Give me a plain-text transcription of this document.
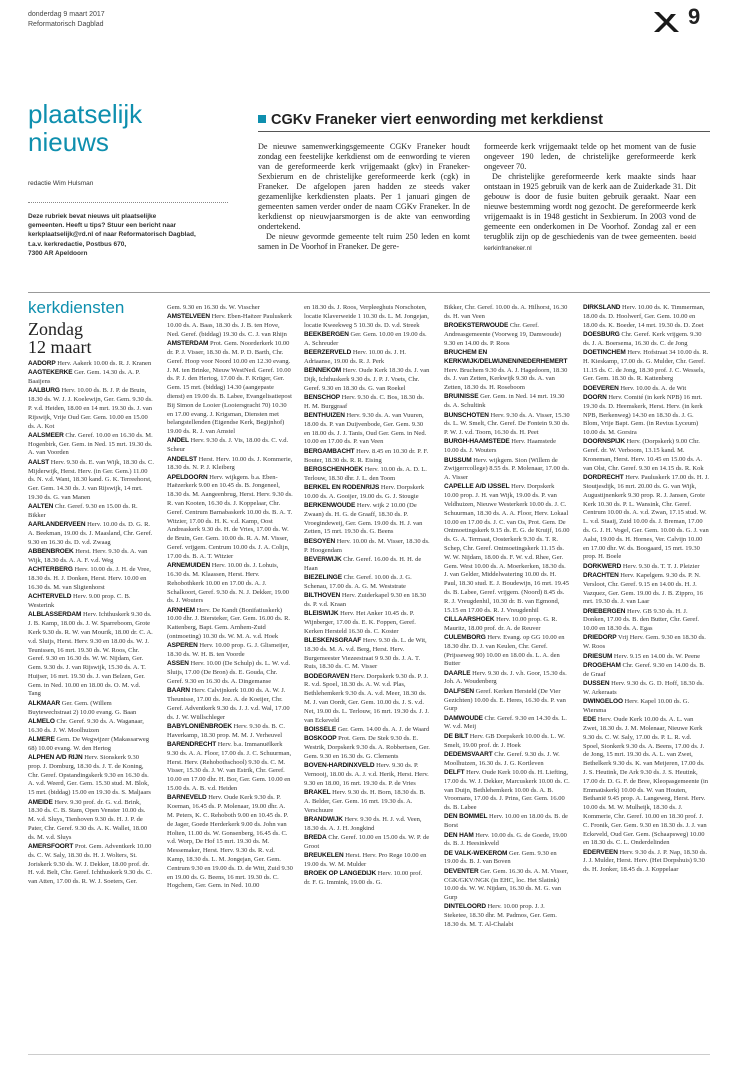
donderdag 9 maart 2017
Reformatorisch Dagblad	9
plaatselijk
nieuws
redactie Wim Hulsman
Deze rubriek bevat nieuws uit plaatselijke
gemeenten. Heeft u tips? Stuur een bericht naar
kerkplaatselijk@rd.nl of naar Reformatorisch Dagblad,
t.a.v. kerkredactie, Postbus 670,
7300 AR Apeldoorn
CGKv Franeker viert eenwording met kerkdienst

De nieuwe samenwerkingsgemeente CGKv Franeker houdt zondag een feestelijke kerkdienst om de eenwording te vieren van de gereformeerde kerk vrijgemaakt (gkv) in Franeker-Sexbierum en de christelijke gereformeerde kerk (cgk) in Franeker. De afgelopen jaren hadden ze steeds vaker gezamenlijke kerkdiensten plaats. Per 1 januari gingen de gemeenten samen verder onder de naam CGKv Franeker. In de kerkdienst op nieuwjaarsmorgen is de akte van eenwording ondertekend.

De nieuw gevormde gemeente telt ruim 250 leden en komt samen in De Voorhof in Franeker. De gere-

formeerde kerk vrijgemaakt telde op het moment van de fusie ongeveer 190 leden, de christelijke gereformeerde kerk ongeveer 70.

De christelijke gereformeerde kerk maakte sinds haar ontstaan in 1925 gebruik van de kerk aan de Zuiderkade 31. Dit gebouw is door de fusie buiten gebruik geraakt. Naar een nieuwe bestemming wordt nog gezocht. De gereformeerde kerk vrijgemaakt is in 1948 gesticht in Sexbierum. In 2003 vond de gemeente een onderkomen in De Voorhof. Zondag zal er een terugblik zijn op de geschiedenis van de twee gemeenten. beeld kerkinfraneker.nl

kerkdiensten
Zondag
12 maart
AADORP Herv. Aakerk 10.00 ds. R. J. Kranen
AAGTEKERKE Ger. Gem. 14.30 ds. A. P. Baaijens
AALBURG Herv. 10.00 ds. B. J. P. de Bruin, 18.30 ds. W. J. J. Koelewijn, Ger. Gem. 9.30 ds. P. v.d. Heiden, 18.00 en 14 mrt. 19.30 ds. J. van Rijswijk, Vrije Oud Ger. Gem. 10.00 en 15.00 ds. A. Kot
AALSMEER Chr. Geref. 10.00 en 16.30 ds. M. Hogenbirk, Ger. Gem. in Ned. 15 mrt. 19.30 ds. A. van Voorden
AALST Herv. 9.30 ds. E. van Wijk, 18.30 ds. C. Mijderwijk, Herst. Herv. (in Ger. Gem.) 11.00 ds. N. v.d. Want, 18.30 kand. G. K. Terreehorst, Ger. Gem. 14.30 ds. J. van Rijswijk, 14 mrt. 19.30 ds. G. van Manen
AALTEN Chr. Geref. 9.30 en 15.00 ds. R. Bikker
AARLANDERVEEN Herv. 10.00 ds. D. G. R. A. Beekman, 19.00 ds. J. Maasland, Chr. Geref. 9.30 en 16.30 ds. D. v.d. Zwaag
ABBENBROEK Herst. Herv. 9.30 ds. A. van Wijk, 18.30 ds. A. A. F. v.d. Weg
ACHTERBERG Herv. 10.00 ds. J. H. de Vree, 18.30 ds. H. J. Donken, Herst. Herv. 10.00 en 16.30 ds. M. van Sligtenhorst
ACHTERVELD Herv. 9.00 prop. C. B. Westerink
ALBLASSERDAM Herv. Ichthuskerk 9.30 ds. J. B. Kamp, 18.00 ds. J. W. Sparreboom, Grote Kerk 9.30 ds. R. W. van Mourik, 18.00 dr. C. A. v.d. Sluijs, Herst. Herv. 9.30 en 18.00 ds. W. J. Teunissen, 16 mrt. 19.30 ds. W. Roos, Chr. Geref. 9.30 en 16.30 ds. W. W. Nijdam, Ger. Gem. 9.30 ds. J. van Rijswijk, 15.30 ds. A. T. Huijser, 16 mrt. 19.30 ds. J. van Belzen, Ger. Gem. in Ned. 10.00 en 18.00 ds. O. M. v.d. Tang
ALKMAAR Ger. Gem. (Willem Buytewechstraat 2) 10.00 evang. G. Baan
ALMELO Chr. Geref. 9.30 ds. A. Waganaar, 16.30 ds. J. W. Moolhuizen
ALMERE Gem. De Wegwijzer (Makassarweg 68) 10.00 evang. W. den Hertog
ALPHEN A/D RIJN Herv. Sionskerk 9.30 prop. J. Domburg, 18.30 ds. J. T. de Koning, Chr. Geref. Opstandingskerk 9.30 en 16.30 ds. A. v.d. Weerd, Ger. Gem. 15.30 stud. M. Blok, 15 mrt. (biddag) 15.00 en 19.30 ds. S. Maljaars
AMEIDE Herv. 9.30 prof. dr. G. v.d. Brink, 18.30 ds. C. B. Stam, Open Venster 10.00 ds. M. v.d. Sluys, Tienhoven 9.30 ds. H. J. P. de Pater, Chr. Geref. 9.30 ds. A. K. Wallet, 18.00 ds. M. v.d. Sluys
AMERSFOORT Prot. Gem. Adventkerk 10.00 ds. C. W. Saly, 18.30 ds. H. J. Wolters, St. Joriskerk 9.30 ds. W. J. Dekker, 18.00 prof. dr. H. v.d. Belt, Chr. Geref. Ichthuskerk 9.30 ds. C. van Atten, 17.00 ds. R. W. J. Soeters, Ger.
Gem. 9.30 en 16.30 ds. W. Visscher
AMSTELVEEN Herv. Eben-Haëzer Pauluskerk 10.00 ds. A. Baas, 18.30 ds. J. B. ten Hove, Ned. Geref. (biddag) 19.30 ds. C. J. van Rhijn
AMSTERDAM Prot. Gem. Noorderkerk 10.00 dr. P. J. Visser, 18.30 ds. M. P. D. Barth, Chr. Geref. Hoop voor Noord 10.00 en 12.30 evang. J. M. ten Brinke, Nieuw WestNed. Geref. 10.00 ds. P. J. den Hertog, 17.00 ds. F. Krüger, Ger. Gem. 15 mrt. (biddag) 14.30 (aangepaste dienst) en 19.00 ds. B. Labee, Evangelisatiepost Bij Simon de Looier (Looiersgracht 70) 10.30 en 17.00 evang. J. Krigsman, Diensten met belangstellenden (Eigendse Kerk, Begijnhof) 19.00 ds. R. J. van Amstel
ANDEL Herv. 9.30 ds. J. Vis, 18.00 ds. C. v.d. Scheur
ANDELST Herst. Herv. 10.00 ds. J. Kommerie, 18.30 ds. N. P. J. Kleiberg
APELDOORN Herv. wijkgem. b.a. Eben-Haëzerkerk 9.00 en 10.45 ds. B. Jongeneel, 18.30 ds. M. Aangeenbrug, Herst. Herv. 9.30 ds. R. van Kooten, 16.30 ds. J. Koppelaar, Chr. Geref. Centrum Barnabaskerk 10.00 ds. B. A. T. Witzier, 17.00 ds. H. K. v.d. Kamp, Oost Andreaskerk 9.30 ds. H. de Vries, 17.00 ds. W. de Bruin, Ger. Gem. 10.00 ds. R. A. M. Visser, Geref. vrijgem. Centrum 10.00 ds. J. A. Colijn, 17.00 ds. B. A. T. Witzier
ARNEMUIDEN Herv. 10.00 ds. J. Lohuis, 16.30 ds. M. Klaassen, Herst. Herv. Rehobothkerk 10.00 en 17.00 ds. A. J. Schalkoort, Geref. 9.30 ds. N. J. Dekker, 19.00 ds. J. Wouters
ARNHEM Herv. De Kandt (Bonifatiuskerk) 10.00 dhr. J. Biersteker, Ger. Gem. 16.00 ds. R. Kattenberg, Bapt. Gem. Arnhem-Zuid (ontmoeting) 10.30 ds. W. M. A. v.d. Hoek
ASPEREN Herv. 10.00 prop. G. J. Glismeijer, 18.30 ds. W. H. B. ten Voorde
ASSEN Herv. 10.00 (De Schulp) ds. L. W. v.d. Sluijs, 17.00 (De Bron) ds. E. Gouda, Chr. Geref. 9.30 en 16.30 ds. A. Dingemanse
BAARN Herv. Calvijnkerk 10.00 ds. A. W. J. Theunisse, 17.00 ds. Joz. A. de Koeijer, Chr. Geref. Adventkerk 9.30 ds. J. J. v.d. Wal, 17.00 ds. J. W. Wüllschleger
BABYLONIËNBROEK Herv. 9.30 ds. B. C. Haverkamp, 18.30 prop. M. M. J. Verheuvel
BARENDRECHT Herv. b.a. Immanuëlkerk 9.30 ds. A. A. Floor, 17.00 ds. J. C. Schuurman, Herst. Herv. (Rehobothschool) 9.30 ds. C. M. Visser, 15.30 ds. J. W. van Estrik, Chr. Geref. 10.00 en 17.00 dhr. H. Bor, Ger. Gem. 10.00 en 15.00 ds. A. B. v.d. Heiden
BARNEVELD Herv. Oude Kerk 9.30 ds. P. Koeman, 16.45 ds. P. Molenaar, 19.00 dhr. A. M. Peters, K. C. Rehoboth 9.00 en 10.45 ds. P. de Jager, Goede Herderkerk 9.00 ds. John van Holten, 11.00 ds. W. Gonsenberg, 16.45 ds. C. v.d. Worp, De Hof 15 mrt. 19.30 ds. M. Messemaker, Herst. Herv. 9.30 ds. R. v.d. Kamp, 18.30 ds. L. M. Jongejan, Ger. Gem. Centrum 9.30 en 19.00 ds. D. de Witt, Zuid 9.30 en 19.00 ds. G. Beens, 16 mrt. 19.30 ds. C. Hogchem, Ger. Gem. in Ned. 10.00
en 18.30 ds. J. Roos, Verpleeghuis Norschoten, locatie Klaverweide 1 10.30 ds. L. M. Jongejan, locatie Kweekweg 5 10.30 ds. D. v.d. Streek
BEEKBERGEN Ger. Gem. 10.00 en 19.00 ds. A. Schreuder
BEERZERVELD Herv. 10.00 ds. J. H. Adriaanse, 19.00 ds. R. J. Perk
BENNEKOM Herv. Oude Kerk 18.30 ds. J. van Dijk, Ichthuskerk 9.30 ds. J. P. J. Voets, Chr. Geref. 9.30 en 18.30 ds. G. van Roekel
BENSCHOP Herv. 9.30 ds. C. Bos, 18.30 ds. H. M. Burggraaf
BENTHUIZEN Herv. 9.30 ds. A. van Vuuren, 18.00 ds. P. van Duijvenbode, Ger. Gem. 9.30 en 18.00 ds. J. J. Tanis, Oud Ger. Gem. in Ned. 10.00 en 17.00 ds. P. van Veen
BERGAMBACHT Herv. 8.45 en 10.30 dr. P. F. Bouter, 18.30 ds. R. R. Eising
BERGSCHENHOEK Herv. 10.00 ds. A. D. L. Terlouw, 18.30 dhr. J. L. den Toom
BERKEL EN RODENRIJS Herv. Dorpskerk 10.00 ds. A. Gooijer, 19.00 ds. G. J. Stougie
BERKENWOUDE Herv. wijk 2 10.00 (De Zwaan) ds. H. G. de Graaff, 18.30 ds. P. Vroegindeweij, Ger. Gem. 19.00 ds. H. J. van Zetten, 15 mrt. 19.30 ds. G. Beens
BESOYEN Herv. 10.00 ds. M. Visser, 18.30 ds. P. Hoogendam
BEVERWIJK Chr. Geref. 16.00 ds. H. H. de Haan
BIEZELINGE Chr. Geref. 10.00 ds. J. G. Schenau, 17.00 ds. A. G. M. Weststrate
BILTHOVEN Herv. Zuiderkapel 9.30 en 18.30 ds. P. v.d. Kraan
BLEISWIJK Herv. Het Anker 10.45 ds. P. Wijnberger, 17.00 ds. E. K. Foppen, Geref. Kerken Hersteld 16.30 ds. C. Koster
BLESKENSGRAAF Herv. 9.30 ds. L. de Wit, 18.30 ds. M. A. v.d. Berg, Herst. Herv. Burgemeester Viezeestraat 9 9.30 ds. J. A. T. Ruis, 18.30 ds. C. M. Visser
BODEGRAVEN Herv. Dorpskerk 9.30 ds. P. J. R. v.d. Spoel, 18.30 ds. A. W. v.d. Plas, Bethlehemkerk 9.30 ds. A. v.d. Meer, 18.30 ds. M. J. van Oordt, Ger. Gem. 10.00 ds. J. S. v.d. Net, 19.00 ds. L. Terlouw, 16 mrt. 19.30 ds. J. J. van Eckeveld
BOISSELE Ger. Gem. 14.00 ds. A. J. de Waard
BOSKOOP Prot. Gem. De Stek 9.30 ds. E. Westrik, Dorpskerk 9.30 ds. A. Robbertsen, Ger. Gem. 9.30 en 16.30 ds. G. Clements
BOVEN-HARDINXVELD Herv. 9.30 ds. P. Vernooij, 18.00 ds. A. J. v.d. Herik, Herst. Herv. 9.30 en 18.00, 16 mrt. 19.30 ds. P. de Vries
BRAKEL Herv. 9.30 ds. H. Born, 18.30 ds. B. A. Belder, Ger. Gem. 16 mrt. 19.30 ds. A. Verschuure
BRANDWIJK Herv. 9.30 ds. H. J. v.d. Veen, 18.30 ds. A. J. H. Jongkind
BREDA Chr. Geref. 10.00 en 15.00 ds. W. P. de Groot
BREUKELEN Herst. Herv. Pro Rege 10.00 en 19.00 ds. W. M. Mulder
BROEK OP LANGEDIJK Herv. 10.00 prof. dr. F. G. Immink, 19.00 ds. G.
Bikker, Chr. Geref. 10.00 ds. A. Hilhorst, 16.30 ds. H. van Veen
BROEKSTERWOUDE Chr. Geref. Andreasgemeente (Voorweg 19, Damwoude) 9.30 en 14.00 ds. P. Roos
BRUCHEM EN KERKWIJK/DELWIJNEN/NEDERHEMERT Herv. Bruchem 9.30 ds. A. J. Hagedoorn, 18.30 ds. J. van Zetten, Kerkwijk 9.30 ds. A. van Zetten, 18.30 ds. H. Roseboom
BRUINISSE Ger. Gem. in Ned. 14 mrt. 19.30 ds. A. Schultink
BUNSCHOTEN Herv. 9.30 ds. A. Visser, 15.30 ds. L. W. Smelt, Chr. Geref. De Fontein 9.30 ds. P. W. J. v.d. Toorn, 16.30 ds. H. Peet
BURGH-HAAMSTEDE Herv. Haamstede 10.00 ds. J. Wouters
BUSSUM Herv. wijkgem. Sion (Willem de Zwijgerrcollege) 8.55 ds. P. Molenaar, 17.00 ds. A. Visser
CAPELLE A/D IJSSEL Herv. Dorpskerk 10.00 prop. J. H. van Wijk, 19.00 ds. P. van Veldhuizen, Nieuwe Westerkerk 10.00 ds. J. C. Schuurman, 18.30 ds. A. A. Floor, Herv. Lokaal 10.00 en 17.00 ds. J. C. van Os, Prot. Gem. De Ontmoetingskerk 9.15 ds. E. G. de Kruijf, 16.00 ds. G. A. Termaat, Oosterkerk 9.30 ds. T. R. Schep, Chr. Geref. Ontmoetingskerk 11.15 ds. W. W. Nijdam, 18.00 ds. F. W. v.d. Rhee, Ger. Gem. West 10.00 ds. A. Moerkerken, 18.30 ds. J. van Gelder, Middelwatering 10.00 ds. H. Paul, 18.30 stud. E. J. Boudewijn, 16 mrt. 19.45 ds. B. Labee, Geref. vrijgem. (Noord) 8.45 ds. R. J. Vreugdenhil, 10.30 dr. B. van Egmond, 15.15 en 17.00 ds. R. J. Vreugdenhil
CILLAARSHOEK Herv. 10.00 prop. G. R. Mauritz, 18.00 prof. dr. A. de Reuver
CULEMBORG Herv. Evang. op GG 10.00 en 18.30 dhr. D. J. van Keulen, Chr. Geref. (Prijsseweg 90) 10.00 en 18.00 ds. L. A. den Butter
DAARLE Herv. 9.30 ds. J. v.h. Goor, 15.30 ds. Joh. A. Woudenberg
DALFSEN Geref. Kerken Hersteld (De Vier Gezichten) 10.00 ds. E. Heres, 16.30 ds. P. van Gurp
DAMWOUDE Chr. Geref. 9.30 en 14.30 ds. L. W. v.d. Meij
DE BILT Herv. GB Dorpskerk 10.00 ds. L. W. Smelt, 19.00 prof. dr. J. Hoek
DEDEMSVAART Chr. Geref. 9.30 ds. J. W. Moolhuizen, 16.30 ds. J. G. Kortleven
DELFT Herv. Oude Kerk 10.00 ds. H. Liefting, 17.00 ds. W. J. Dekker, Marcuskerk 10.00 ds. C. van Duijn, Bethlehemkerk 10.00 ds. A. B. Vroomans, 17.00 ds. J. Prins, Ger. Gem. 16.00 ds. B. Labee
DEN BOMMEL Herv. 10.00 en 18.00 ds. B. de Borst
DEN HAM Herv. 10.00 ds. G. de Goede, 19.00 ds. B. J. Heesinkveld
DE VALK-WEKEROM Ger. Gem. 9.30 en 19.00 ds. B. J. van Boven
DEVENTER Ger. Gem. 16.30 ds. A. M. Visser, CGK/GKV/NGK (in EHC, loc. Het Slatink) 10.00 ds. W. W. Nijdam, 16.30 ds. M. G. van Gurp
DINTELOORD Herv. 10.00 prop. J. J. Steketee, 18.30 dhr. M. Padmos, Ger. Gem. 18.30 ds. M. T. Al-Chalabi
DIRKSLAND Herv. 10.00 ds. K. Timmerman, 18.00 ds. D. Hoolwerf, Ger. Gem. 10.00 en 18.00 ds. K. Boeder, 14 mrt. 19.30 ds. D. Zoet
DOESBURG Chr. Geref. Kerk vrijgem. 9.30 ds. J. A. Boersema, 16.30 ds. C. de Jong
DOETINCHEM Herv. Hofstraat 34 10.00 ds. R. H. Kieskamp, 17.00 ds. G. Mulder, Chr. Geref. 11.15 ds. C. de Jong, 18.30 prof. J. C. Wessels, Ger. Gem. 18.30 ds. R. Kattenberg
DOEVEREN Herv. 10.00 ds. A. de Wit
DOORN Herv. Comité (in kerk NPB) 16 mrt. 19.30 ds. D. Heemskerk, Herst. Herv. (in kerk NPB, Berkenweg) 14.30 en 18.30 ds. J. G. Blom, Vrije Bapt. Gem. (in Revius Lyceum) 10.00 ds. M. Gorsira
DOORNSPIJK Herv. (Dorpskerk) 9.00 Chr. Geref. dr. W. Verboom, 13.15 kand. M. Kroneman, Herst. Herv. 10.45 en 15.00 ds. A. van Olst, Chr. Geref. 9.30 en 14.15 ds. R. Kok
DORDRECHT Herv. Pauluskerk 17.00 ds. H. J. Stoutjesdijk, 16 mrt. 20.00 ds. G. van Wijk, Augustijnenkerk 9.30 prop. R. J. Jansen, Grote Kerk 10.30 ds. P. L. Wansink, Chr. Geref. Centrum 10.00 ds. A. v.d. Zwan, 17.15 stud. W. L. v.d. Staaij, Zuid 10.00 ds. J. Breman, 17.00 ds. G. J. H. Vogel, Ger. Gem. 10.00 ds. G. J. van Aalst, 19.00 ds. H. Hornes, Ver. Calvijn 10.00 en 17.00 dhr. W. ds. Boogaard, 15 mrt. 19.30 prop. H. Boele
DORKWERD Herv. 9.30 ds. T. T. J. Pleizier
DRACHTEN Herv. Kapelgem. 9.30 ds. P. N. Versloot, Chr. Geref. 9.15 en 14.00 ds. H. J. Vazquez, Ger. Gem. 19.00 ds. J. B. Zippro, 16 mrt. 19.30 ds. J. van Laar
DRIEBERGEN Herv. GB 9.30 ds. H. J. Donken, 17.00 ds. B. den Butter, Chr. Geref. 10.00 en 18.30 ds. A. Egas
DRIEDORP Vrij Herv. Gem. 9.30 en 18.30 ds. W. Roos
DRIESUM Herv. 9.15 en 14.00 ds. W. Peene
DROGEHAM Chr. Geref. 9.30 en 14.00 ds. B. de Graaf
DUSSEN Herv. 9.30 ds. G. D. Hoff, 18.30 ds. W. Arkeraats
DWINGELOO Herv. Kapel 10.00 ds. G. Wiersma
EDE Herv. Oude Kerk 10.00 ds. A. L. van Zwet, 18.30 ds. J. M. Molenaar, Nieuwe Kerk 9.30 ds. C. W. Saly, 17.00 ds. P. L. R. v.d. Spoel, Sionkerk 9.30 ds. A. Beens, 17.00 ds. J. de Jong, 15 mrt. 19.30 ds. A. L. van Zwet, Bethelkerk 9.30 ds. K. van Meijeren, 17.00 ds. J. S. Heutink, De Ark 9.30 ds. J. S. Heutink, 17.00 dr. D. G. F. de Bree, Kleopasgemeente (in Emmaüskerk) 10.00 ds. W. van Houten, Bethanië 9.45 prop. A. Langeweg, Herst. Herv. 10.00 ds. M. W. Mulheijk, 18.30 ds. J. Kommerie, Chr. Geref. 10.00 en 18.30 prof. J. C. Fronik, Ger. Gem. 9.30 en 18.30 ds. J. J. van Eckeveld, Oud Ger. Gem. (Schaapsweg) 10.00 en 18.30 ds. C. L. Onderdelinden
EDERVEEN Herv. 9.30 ds. J. P. Nap, 18.30 ds. J. J. Mulder, Herst. Herv. (Het Dorpshuis) 9.30 ds. H. Jonker, 18.45 ds. J. Koppelaar
